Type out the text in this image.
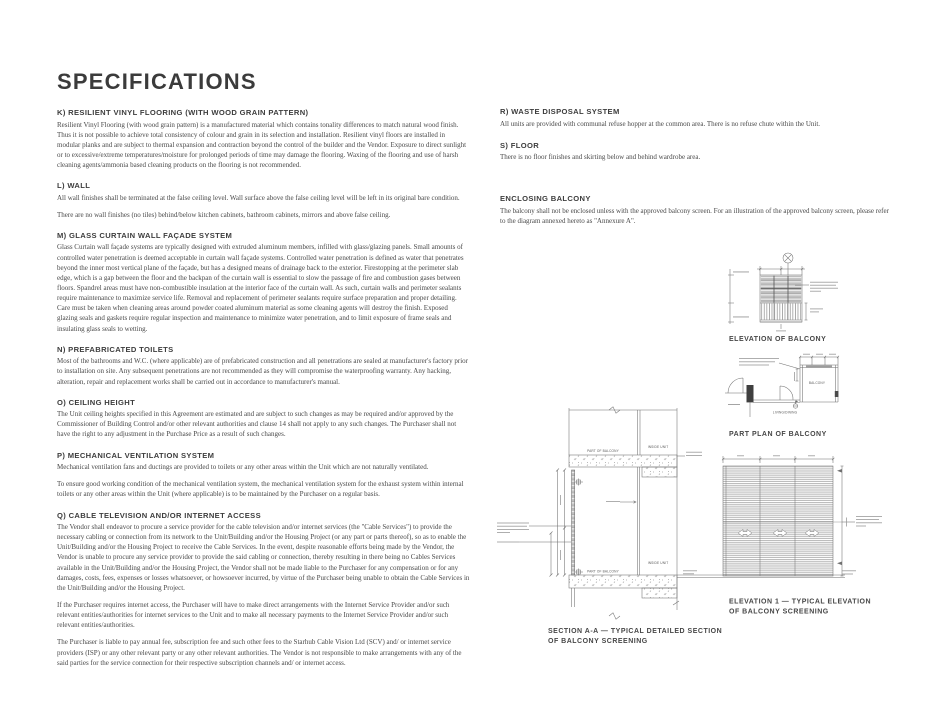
SPECIFICATIONS
K) RESILIENT VINYL FLOORING (WITH WOOD GRAIN PATTERN)

Resilient Vinyl Flooring (with wood grain pattern) is a manufactured material which contains tonality differences to match natural wood finish. Thus it is not possible to achieve total consistency of colour and grain in its selection and installation. Resilient vinyl floors are installed in modular planks and are subject to thermal expansion and contraction beyond the control of the builder and the Vendor. Exposure to direct sunlight or to excessive/extreme temperatures/moisture for prolonged periods of time may damage the flooring. Waxing of the flooring and use of harsh cleaning agents/ammonia based cleaning products on the flooring is not recommended.

L) WALL

All wall finishes shall be terminated at the false ceiling level. Wall surface above the false ceiling level will be left in its original bare condition.

There are no wall finishes (no tiles) behind/below kitchen cabinets, bathroom cabinets, mirrors and above false ceiling.

M) GLASS CURTAIN WALL FAÇADE SYSTEM

Glass Curtain wall façade systems are typically designed with extruded aluminum members, infilled with glass/glazing panels. Small amounts of controlled water penetration is deemed acceptable in curtain wall façade systems. Controlled water penetration is defined as water that penetrates beyond the inner most vertical plane of the façade, but has a designed means of drainage back to the exterior. Firestopping at the perimeter slab edge, which is a gap between the floor and the backpan of the curtain wall is essential to slow the passage of fire and combustion gases between floors. Spandrel areas must have non-combustible insulation at the interior face of the curtain wall. As such, curtain walls and perimeter sealants require maintenance to maximize service life. Removal and replacement of perimeter sealants require surface preparation and proper detailing. Care must be taken when cleaning areas around powder coated aluminum material as some cleaning agents will destroy the finish. Exposed glazing seals and gaskets require regular inspection and maintenance to minimize water penetration, and to limit exposure of frame seals and insulating glass seals to wetting.

N) PREFABRICATED TOILETS

Most of the bathrooms and W.C. (where applicable) are of prefabricated construction and all penetrations are sealed at manufacturer's factory prior to installation on site. Any subsequent penetrations are not recommended as they will compromise the waterproofing warranty. Any hacking, alteration, repair and replacement works shall be carried out in accordance to manufacturer's manual.

O) CEILING HEIGHT

The Unit ceiling heights specified in this Agreement are estimated and are subject to such changes as may be required and/or approved by the Commissioner of Building Control and/or other relevant authorities and clause 14 shall not apply to any such changes. The Purchaser shall not have the right to any adjustment in the Purchase Price as a result of such changes.

P) MECHANICAL VENTILATION SYSTEM

Mechanical ventilation fans and ductings are provided to toilets or any other areas within the Unit which are not naturally ventilated.

To ensure good working condition of the mechanical ventilation system, the mechanical ventilation system for the exhaust system within internal toilets or any other areas within the Unit (where applicable) is to be maintained by the Purchaser on a regular basis.

Q) CABLE TELEVISION AND/OR INTERNET ACCESS

The Vendor shall endeavor to procure a service provider for the cable television and/or internet services (the "Cable Services") to provide the necessary cabling or connection from its network to the Unit/Building and/or the Housing Project (or any part or parts thereof), so as to enable the Unit/Building and/or the Housing Project to receive the Cable Services. In the event, despite reasonable efforts being made by the Vendor, the Vendor is unable to procure any service provider to provide the said cabling or connection, thereby resulting in there being no Cables Services available in the Unit/Building and/or the Housing Project, the Vendor shall not be made liable to the Purchaser for any compensation or for any damages, costs, fees, expenses or losses whatsoever, or howsoever incurred, by virtue of the Purchaser being unable to obtain the Cable Services in the Unit/Building and/or the Housing Project.

If the Purchaser requires internet access, the Purchaser will have to make direct arrangements with the Internet Service Provider and/or such relevant entities/authorities for internet services to the Unit and to make all necessary payments to the Internet Service Provider and/or such relevant entities/authorities.

The Purchaser is liable to pay annual fee, subscription fee and such other fees to the Starhub Cable Vision Ltd (SCV) and/ or internet service providers (ISP) or any other relevant party or any other relevant authorities. The Vendor is not responsible to make arrangements with any of the said parties for the service connection for their respective subscription channels and/ or internet access.

R) WASTE DISPOSAL SYSTEM

All units are provided with communal refuse hopper at the common area. There is no refuse chute within the Unit.

S) FLOOR

There is no floor finishes and skirting below and behind wardrobe area.

ENCLOSING BALCONY

The balcony shall not be enclosed unless with the approved balcony screen. For an illustration of the approved balcony screen, please refer to the diagram annexed hereto as "Annexure A".

ELEVATION OF BALCONY
BALCONY
LIVING/DINING
PART PLAN OF BALCONY
PART OF BALCONY
INSIDE UNIT
PART OF BALCONY
INSIDE UNIT
SECTION A-A — TYPICAL DETAILED SECTION
OF BALCONY SCREENING
ELEVATION 1 — TYPICAL ELEVATION
OF BALCONY SCREENING
